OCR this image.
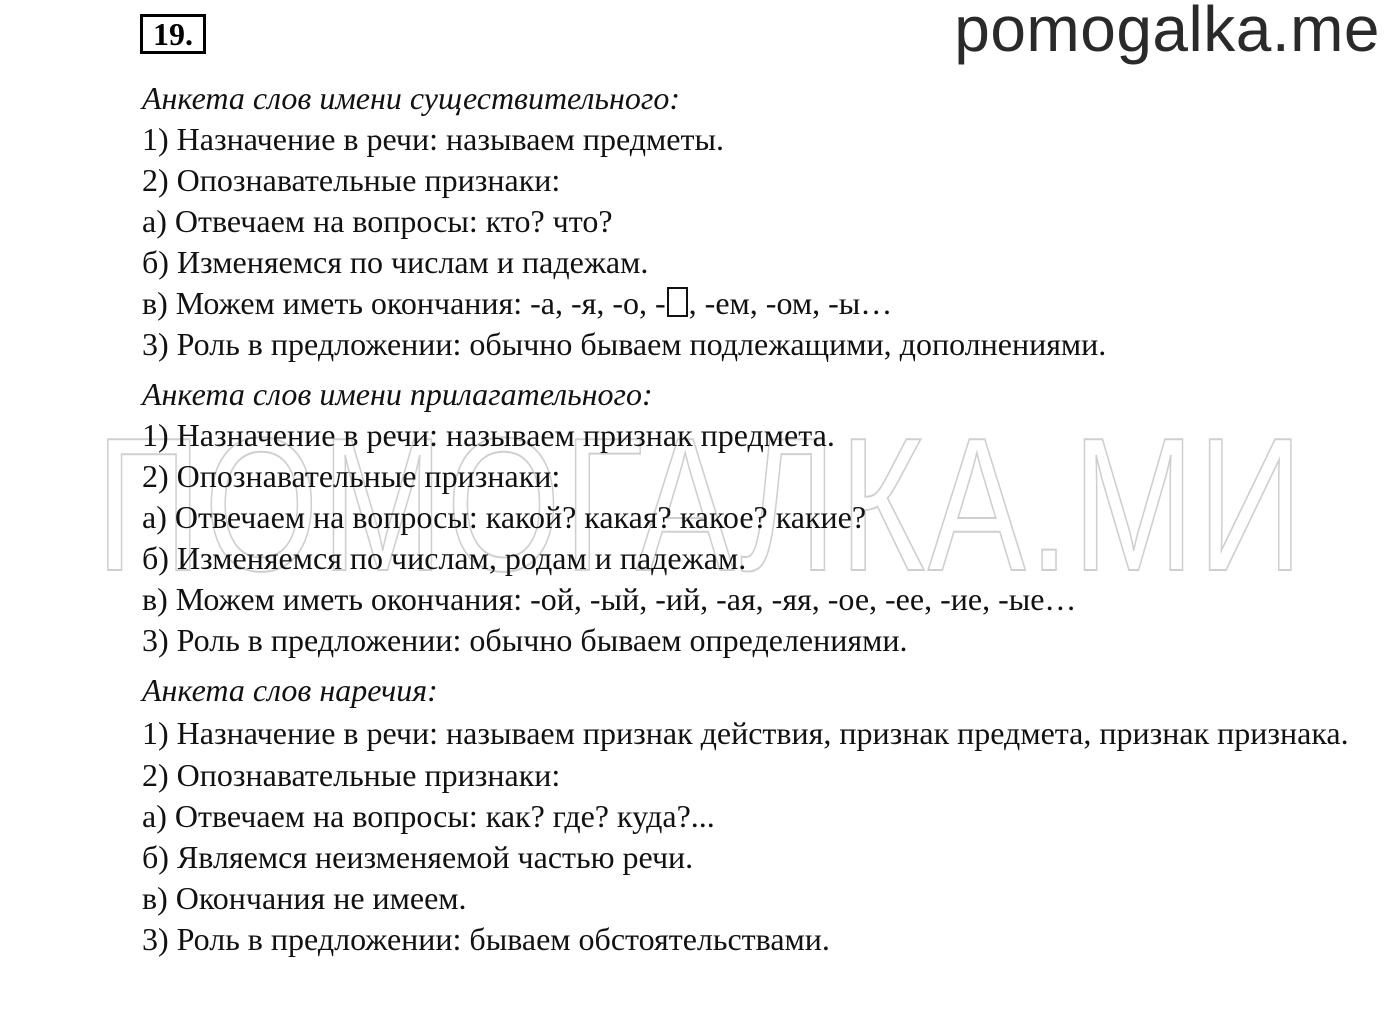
19.	pomogalka.me
ПОМОГАЛКА.МИ
Анкета слов имени существительного:
1) Назначение в речи: называем предметы.
2) Опознавательные признаки:
а) Отвечаем на вопросы: кто? что?
б) Изменяемся по числам и падежам.
в) Можем иметь окончания: -а, -я, -о, - , -ем, -ом, -ы…
3) Роль в предложении: обычно бываем подлежащими, дополнениями.
Анкета слов имени прилагательного:
1) Назначение в речи: называем признак предмета.
2) Опознавательные признаки:
а) Отвечаем на вопросы: какой? какая? какое? какие?
б) Изменяемся по числам, родам и падежам.
в) Можем иметь окончания: -ой, -ый, -ий, -ая, -яя, -ое, -ее, -ие, -ые…
3) Роль в предложении: обычно бываем определениями.
Анкета слов наречия:
1) Назначение в речи: называем признак действия, признак предмета, признак признака.
2) Опознавательные признаки:
а) Отвечаем на вопросы: как? где? куда?...
б) Являемся неизменяемой частью речи.
в) Окончания не имеем.
3) Роль в предложении: бываем обстоятельствами.
